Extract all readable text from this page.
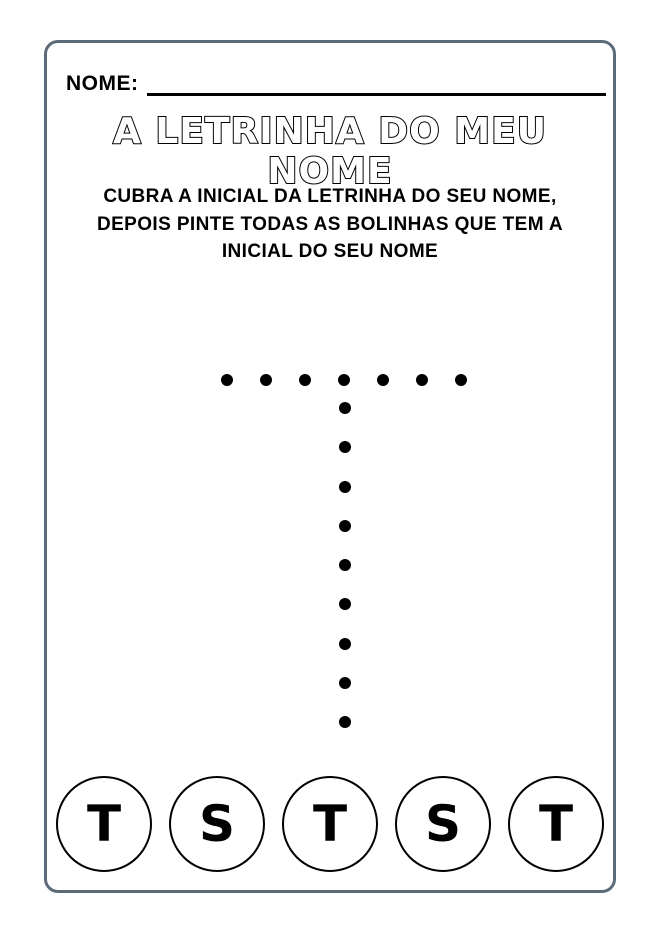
NOME:
A LETRINHA DO MEU NOME
CUBRA A INICIAL DA LETRINHA DO SEU NOME, DEPOIS PINTE TODAS AS BOLINHAS QUE TEM A INICIAL DO SEU NOME
T S T S T
